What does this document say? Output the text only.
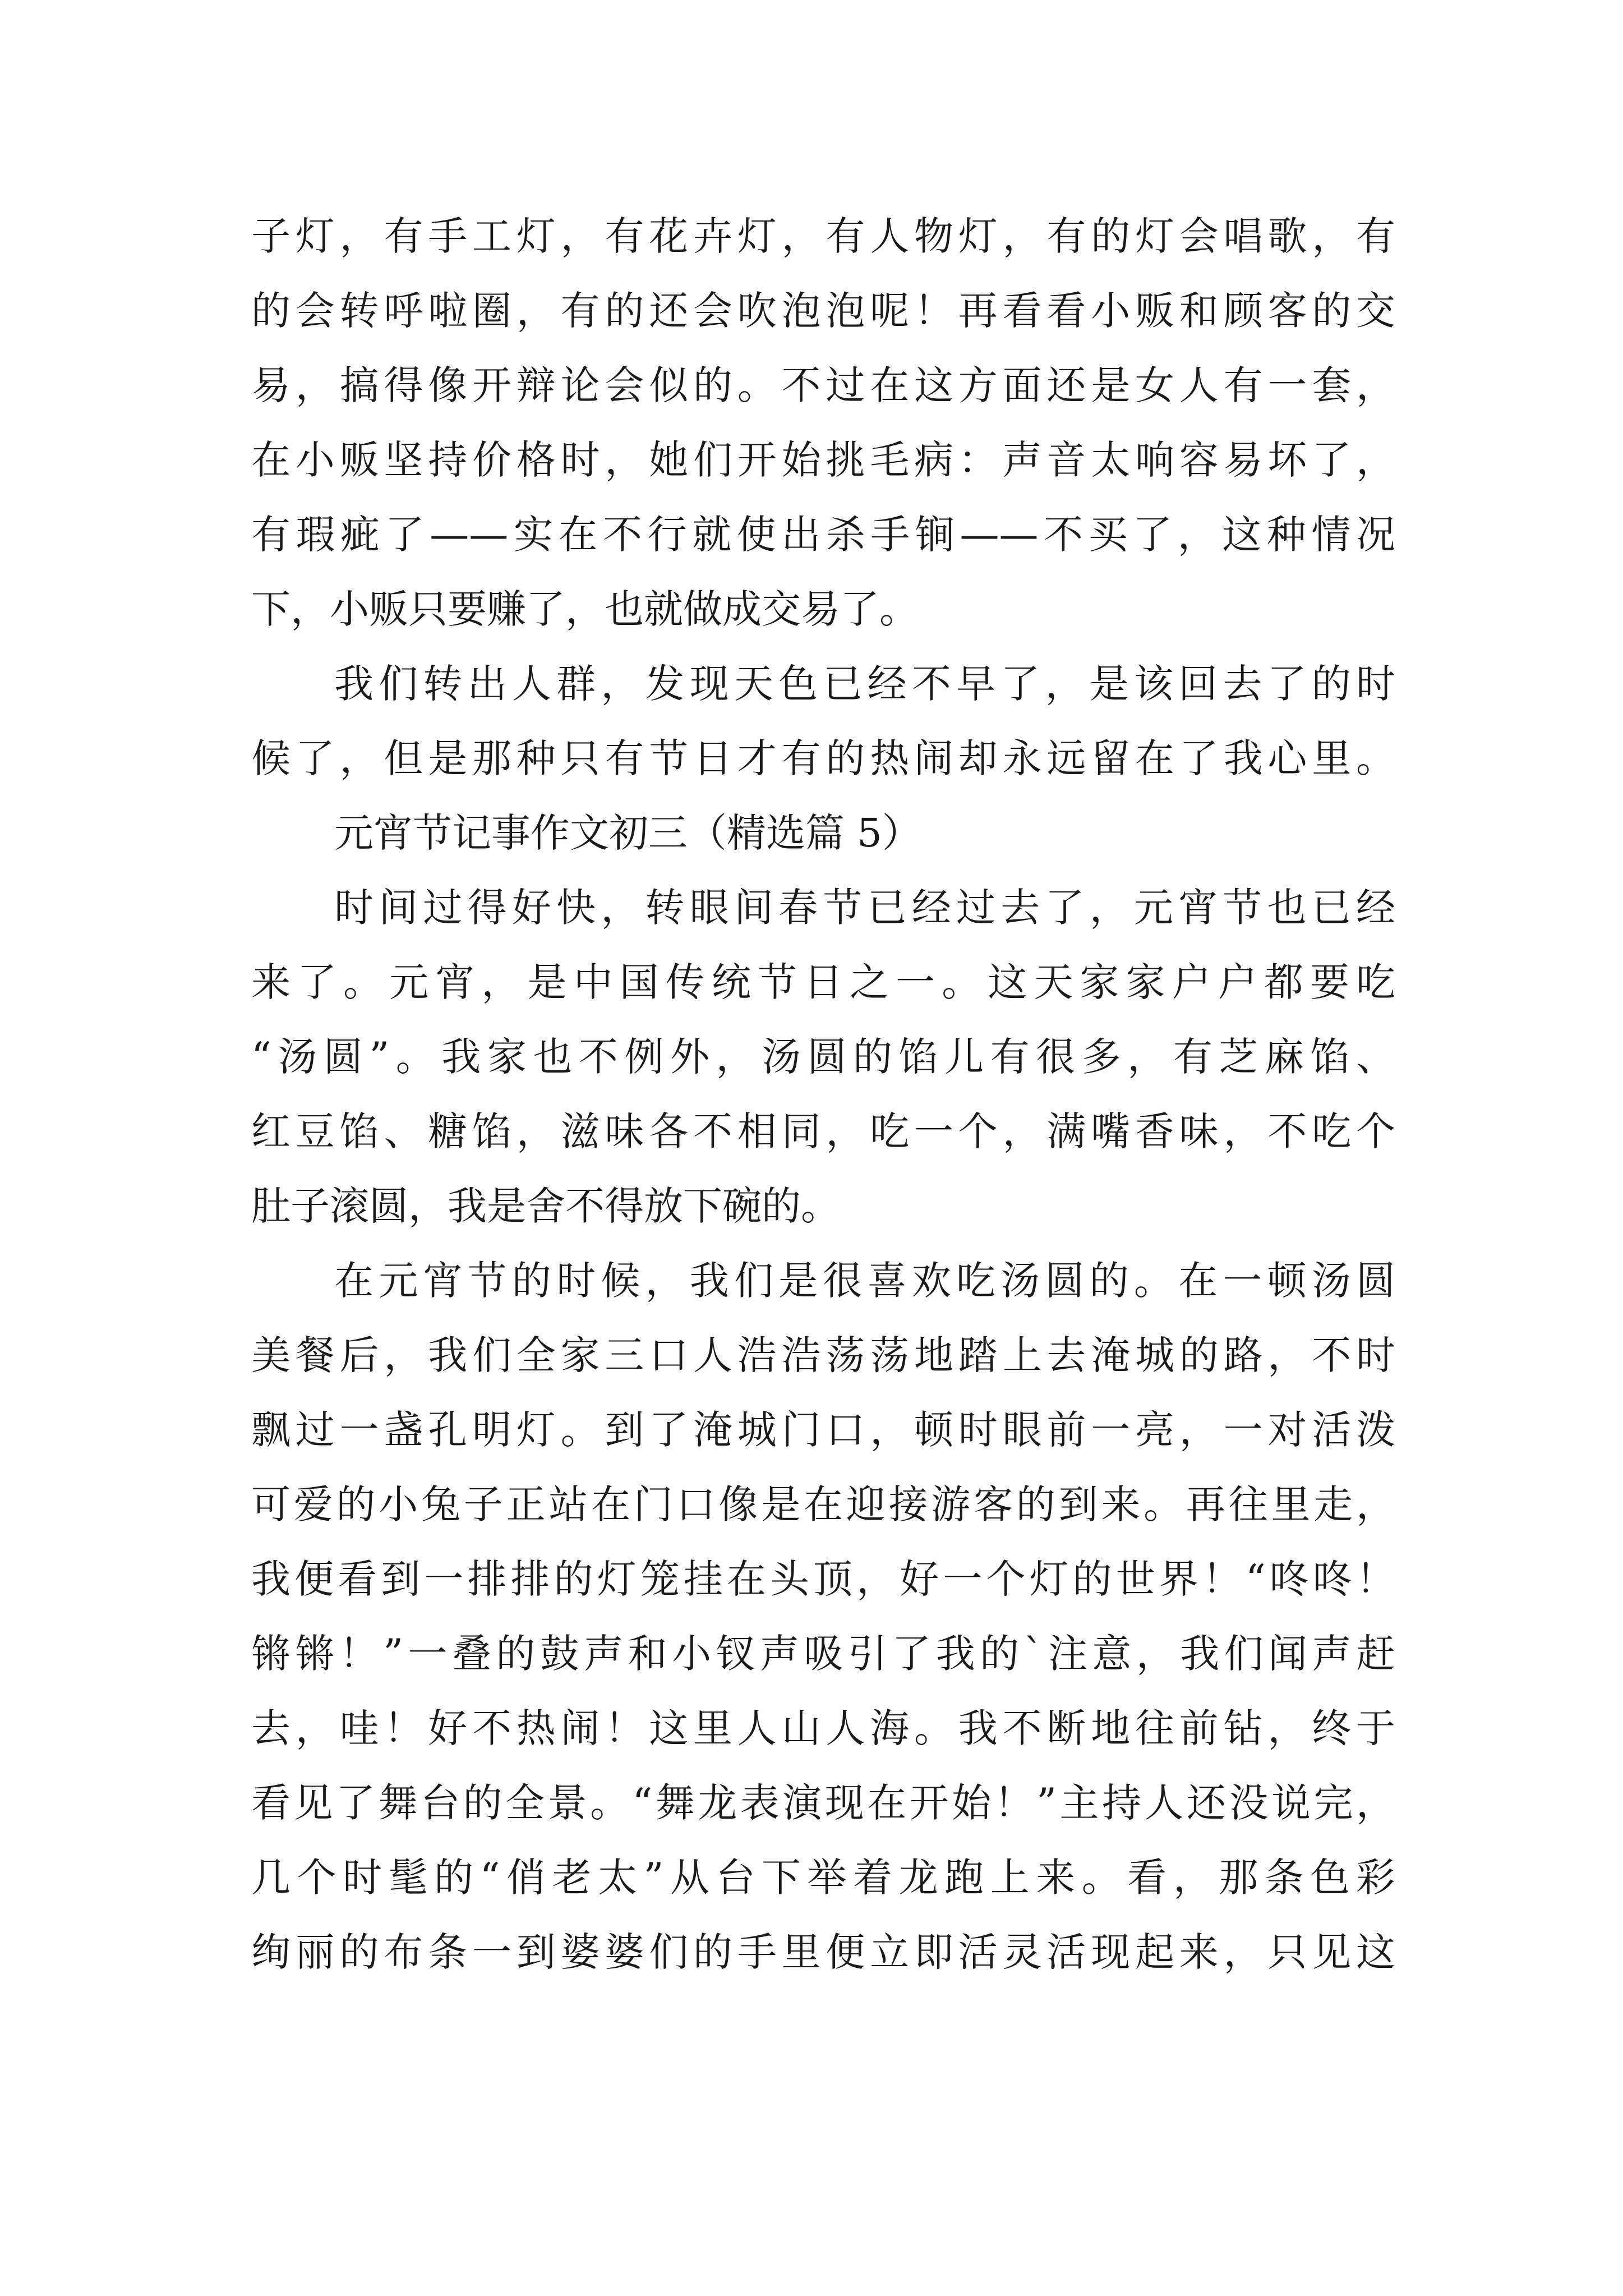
子灯，有手工灯，有花卉灯，有人物灯，有的灯会唱歌，有
的会转呼啦圈，有的还会吹泡泡呢！再看看小贩和顾客的交
易，搞得像开辩论会似的。不过在这方面还是女人有一套，
在小贩坚持价格时，她们开始挑毛病：声音太响容易坏了，
有瑕疵了——实在不行就使出杀手锏——不买了，这种情况
下，小贩只要赚了，也就做成交易了。
我们转出人群，发现天色已经不早了，是该回去了的时
候了，但是那种只有节日才有的热闹却永远留在了我心里。
元宵节记事作文初三（精选篇 5）
时间过得好快，转眼间春节已经过去了，元宵节也已经
来了。元宵，是中国传统节日之一。这天家家户户都要吃
“汤圆”。我家也不例外，汤圆的馅儿有很多，有芝麻馅、
红豆馅、糖馅，滋味各不相同，吃一个，满嘴香味，不吃个
肚子滚圆，我是舍不得放下碗的。
在元宵节的时候，我们是很喜欢吃汤圆的。在一顿汤圆
美餐后，我们全家三口人浩浩荡荡地踏上去淹城的路，不时
飘过一盏孔明灯。到了淹城门口，顿时眼前一亮，一对活泼
可爱的小兔子正站在门口像是在迎接游客的到来。再往里走，
我便看到一排排的灯笼挂在头顶，好一个灯的世界！“咚咚！
锵锵！”一叠的鼓声和小钗声吸引了我的`注意，我们闻声赶
去，哇！好不热闹！这里人山人海。我不断地往前钻，终于
看见了舞台的全景。“舞龙表演现在开始！”主持人还没说完，
几个时髦的“俏老太”从台下举着龙跑上来。看，那条色彩
绚丽的布条一到婆婆们的手里便立即活灵活现起来，只见这
